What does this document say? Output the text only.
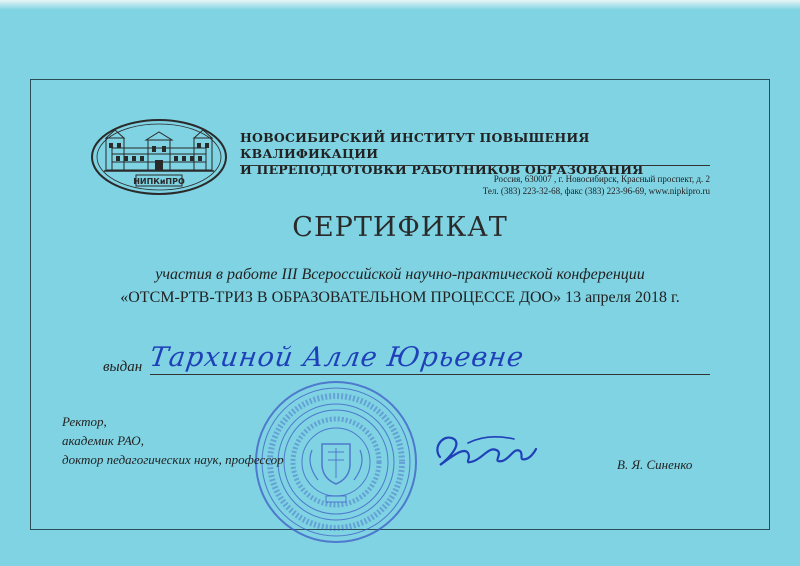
НИПКиПРО
НОВОСИБИРСКИЙ ИНСТИТУТ ПОВЫШЕНИЯ КВАЛИФИКАЦИИ
И ПЕРЕПОДГОТОВКИ РАБОТНИКОВ ОБРАЗОВАНИЯ
Россия, 630007 , г. Новосибирск, Красный проспект, д. 2
Тел. (383) 223-32-68, факс (383) 223-96-69, www.nipkipro.ru
СЕРТИФИКАТ
участия в работе III Всероссийской научно-практической конференции
«ОТСМ-РТВ-ТРИЗ В ОБРАЗОВАТЕЛЬНОМ ПРОЦЕССЕ ДОО» 13 апреля 2018 г.
выдан Тархиной Алле Юрьевне
Ректор,
академик РАО,
доктор педагогических наук, профессор	В. Я. Синенко
